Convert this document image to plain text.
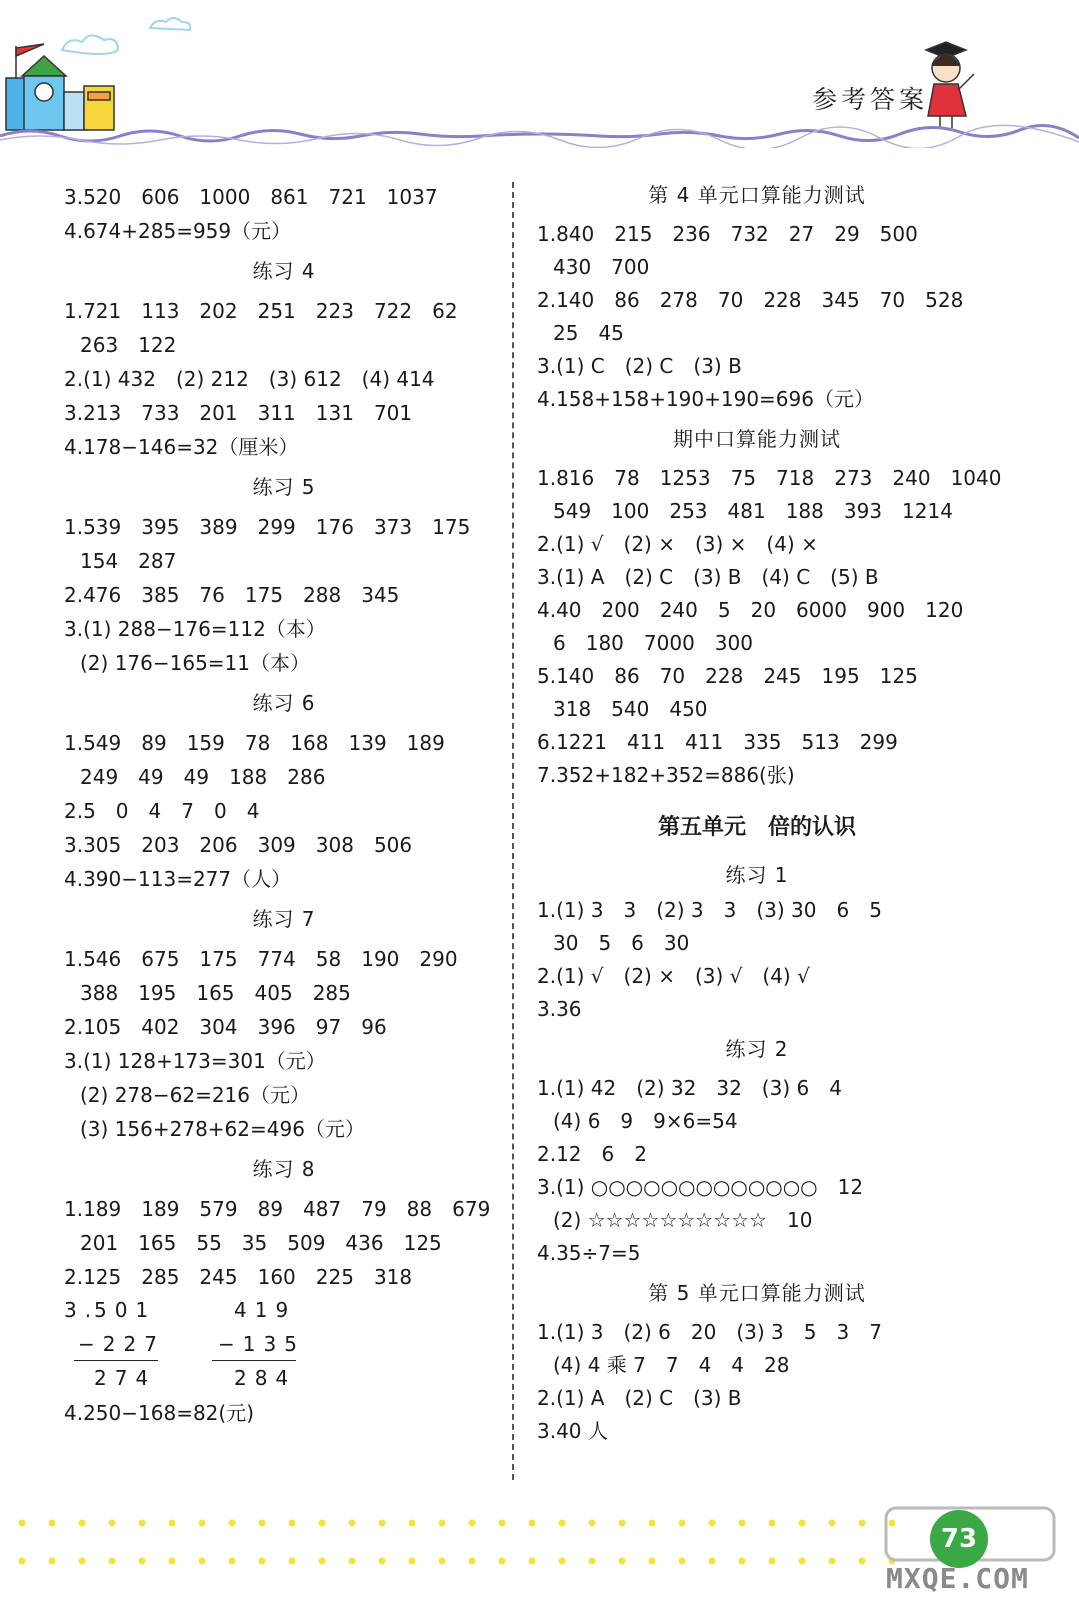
参考答案
3.520　606　1000　861　721　1037
4.674+285=959（元）
练习 4
1.721　113　202　251　223　722　62
263　122
2.(1) 432　(2) 212　(3) 612　(4) 414
3.213　733　201　311　131　701
4.178−146=32（厘米）
练习 5
1.539　395　389　299　176　373　175
154　287
2.476　385　76　175　288　345
3.(1) 288−176=112（本）
(2) 176−165=11（本）
练习 6
1.549　89　159　78　168　139　189
249　49　49　188　286
2.5　0　4　7　0　4
3.305　203　206　309　308　506
4.390−113=277（人）
练习 7
1.546　675　175　774　58　190　290
388　195　165　405　285
2.105　402　304　396　97　96
3.(1) 128+173=301（元）
(2) 278−62=216（元）
(3) 156+278+62=496（元）
练习 8
1.189　189　579　89　487　79　88　679
201　165　55　35　509　436　125
2.125　285　245　160　225　318
3.
501
−227
274
419
−135
284
4.250−168=82(元)
第 4 单元口算能力测试
1.840　215　236　732　27　29　500
430　700
2.140　86　278　70　228　345　70　528
25　45
3.(1) C　(2) C　(3) B
4.158+158+190+190=696（元）
期中口算能力测试
1.816　78　1253　75　718　273　240　1040
549　100　253　481　188　393　1214
2.(1) √　(2) ×　(3) ×　(4) ×
3.(1) A　(2) C　(3) B　(4) C　(5) B
4.40　200　240　5　20　6000　900　120
6　180　7000　300
5.140　86　70　228　245　195　125
318　540　450
6.1221　411　411　335　513　299
7.352+182+352=886(张)
第五单元　倍的认识
练习 1
1.(1) 3　3　(2) 3　3　(3) 30　6　5
30　5　6　30
2.(1) √　(2) ×　(3) √　(4) √
3.36
练习 2
1.(1) 42　(2) 32　32　(3) 6　4
(4) 6　9　9×6=54
2.12　6　2
3.(1) ○○○○○○○○○○○○○　12
(2) ☆☆☆☆☆☆☆☆☆☆　10
4.35÷7=5
第 5 单元口算能力测试
1.(1) 3　(2) 6　20　(3) 3　5　3　7
(4) 4 乘 7　7　4　4　28
2.(1) A　(2) C　(3) B
3.40 人
73
MXQE.COM
